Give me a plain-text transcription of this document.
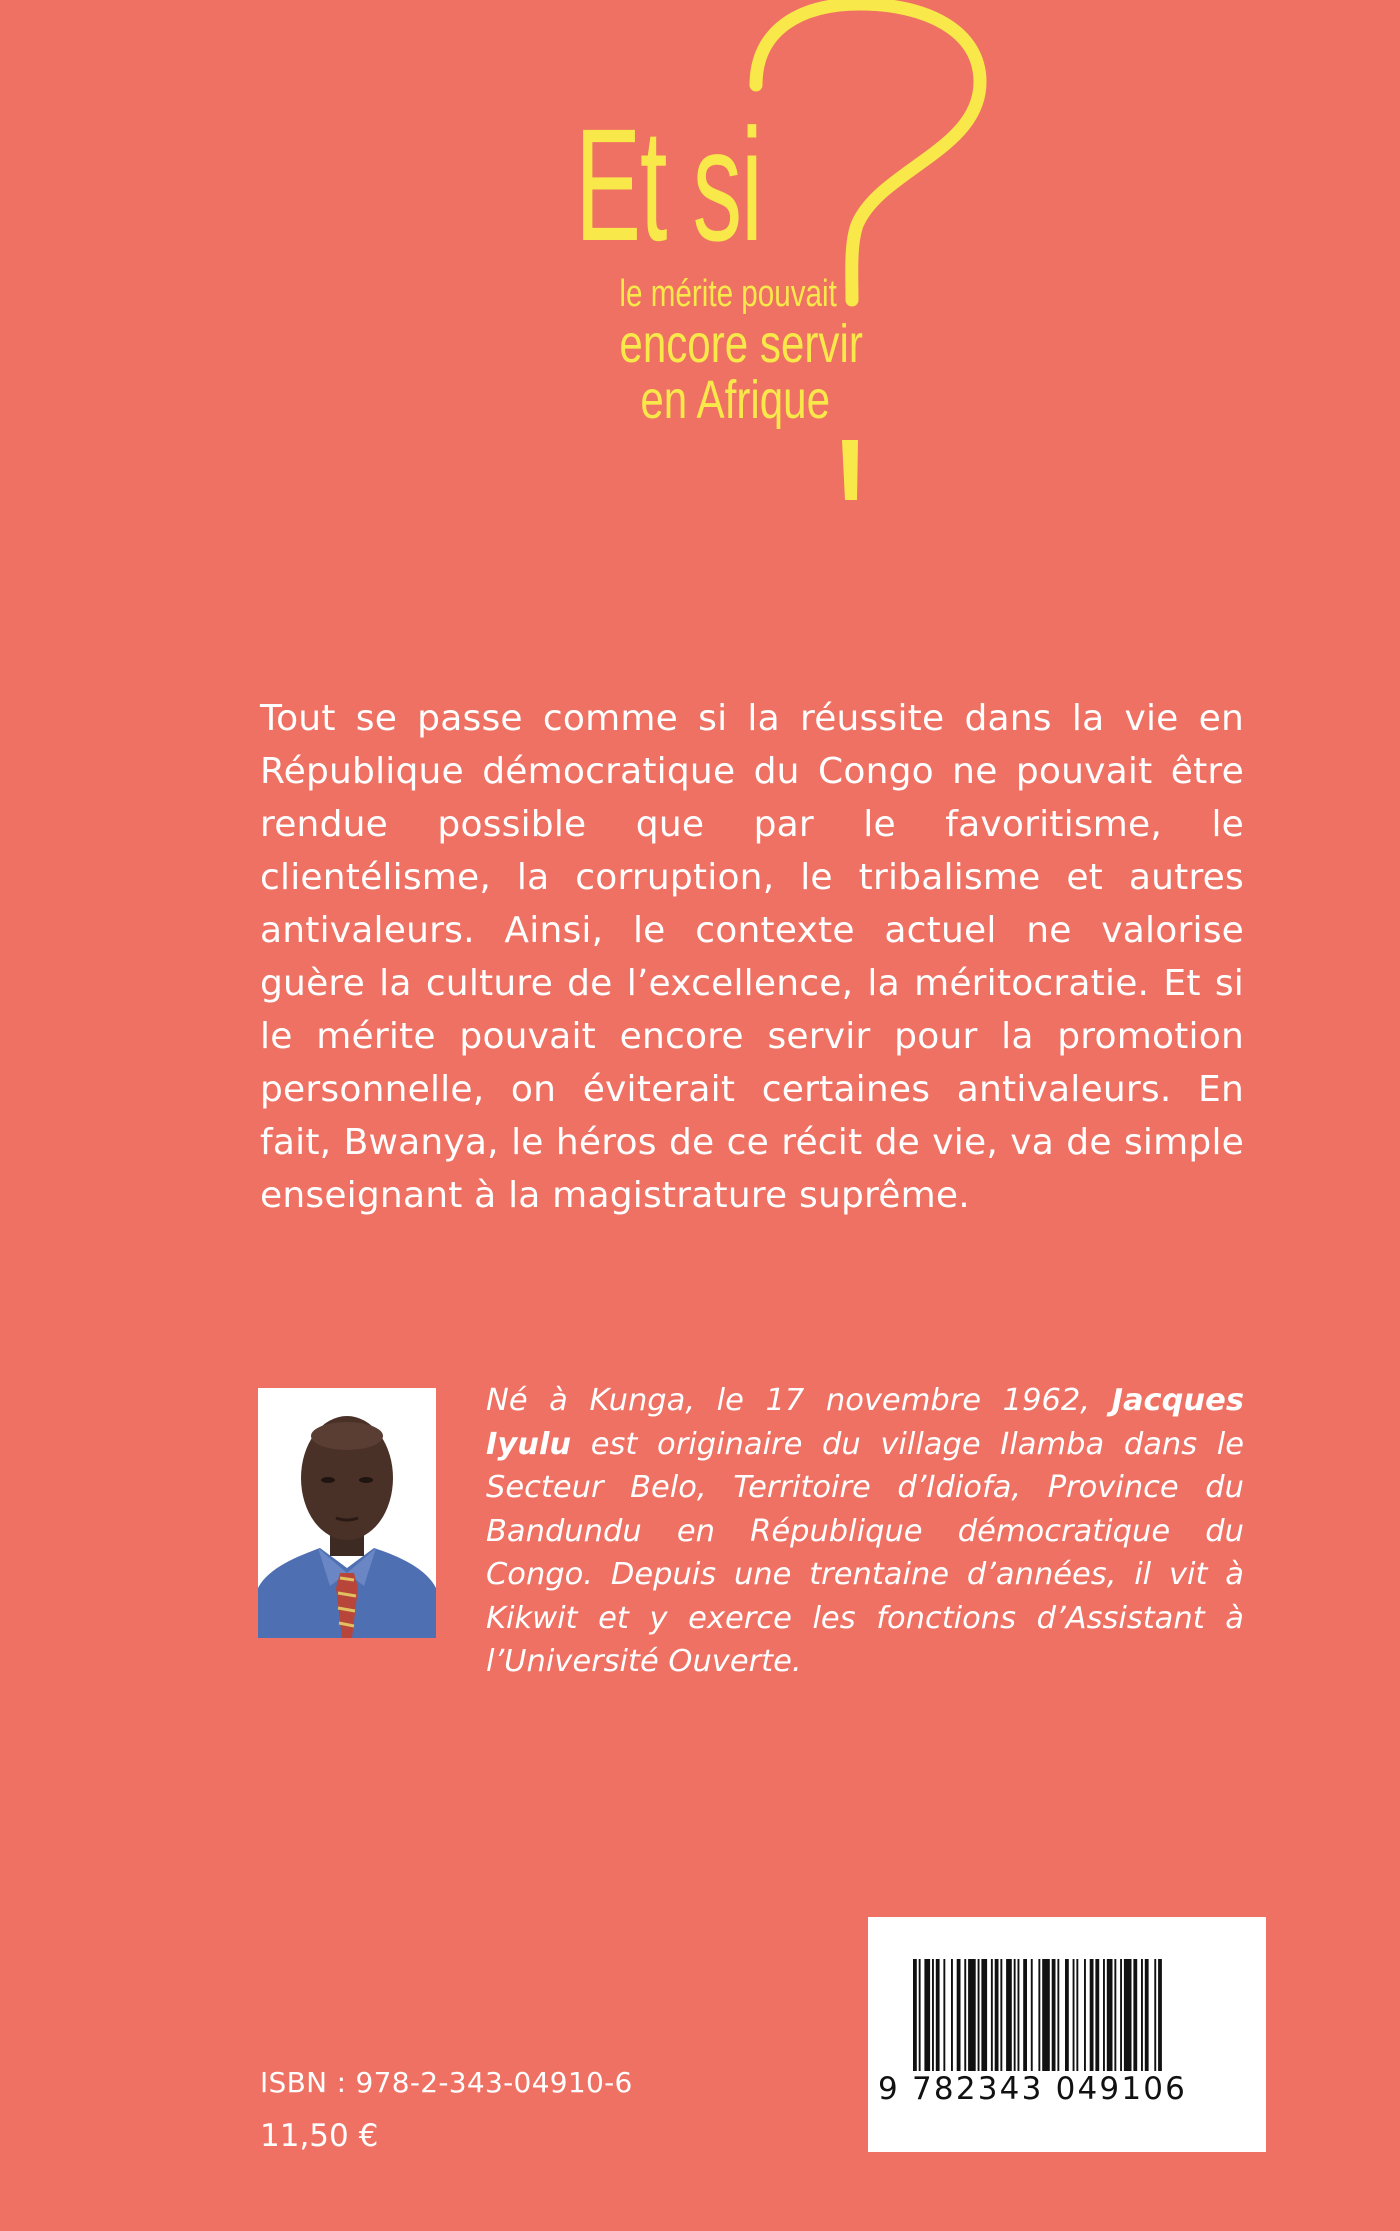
Et si
le mérite pouvait
encore servir
en Afrique
Tout se passe comme si la réussite dans la vie en République démocratique du Congo ne pouvait être rendue possible que par le favoritisme, le clientélisme, la corruption, le tribalisme et autres antivaleurs. Ainsi, le contexte actuel ne valorise guère la culture de l’excellence, la méritocratie. Et si le mérite pouvait encore servir pour la promotion personnelle, on éviterait certaines antivaleurs. En fait, Bwanya, le héros de ce récit de vie, va de simple enseignant à la magistrature suprême.
Né à Kunga, le 17 novembre 1962, Jacques Iyulu est originaire du village Ilamba dans le Secteur Belo, Territoire d’Idiofa, Province du Bandundu en République démocratique du Congo. Depuis une trentaine d’années, il vit à Kikwit et y exerce les fonctions d’Assistant à l’Université Ouverte.
9 782343 049106
ISBN : 978-2-343-04910-6
11,50 €
